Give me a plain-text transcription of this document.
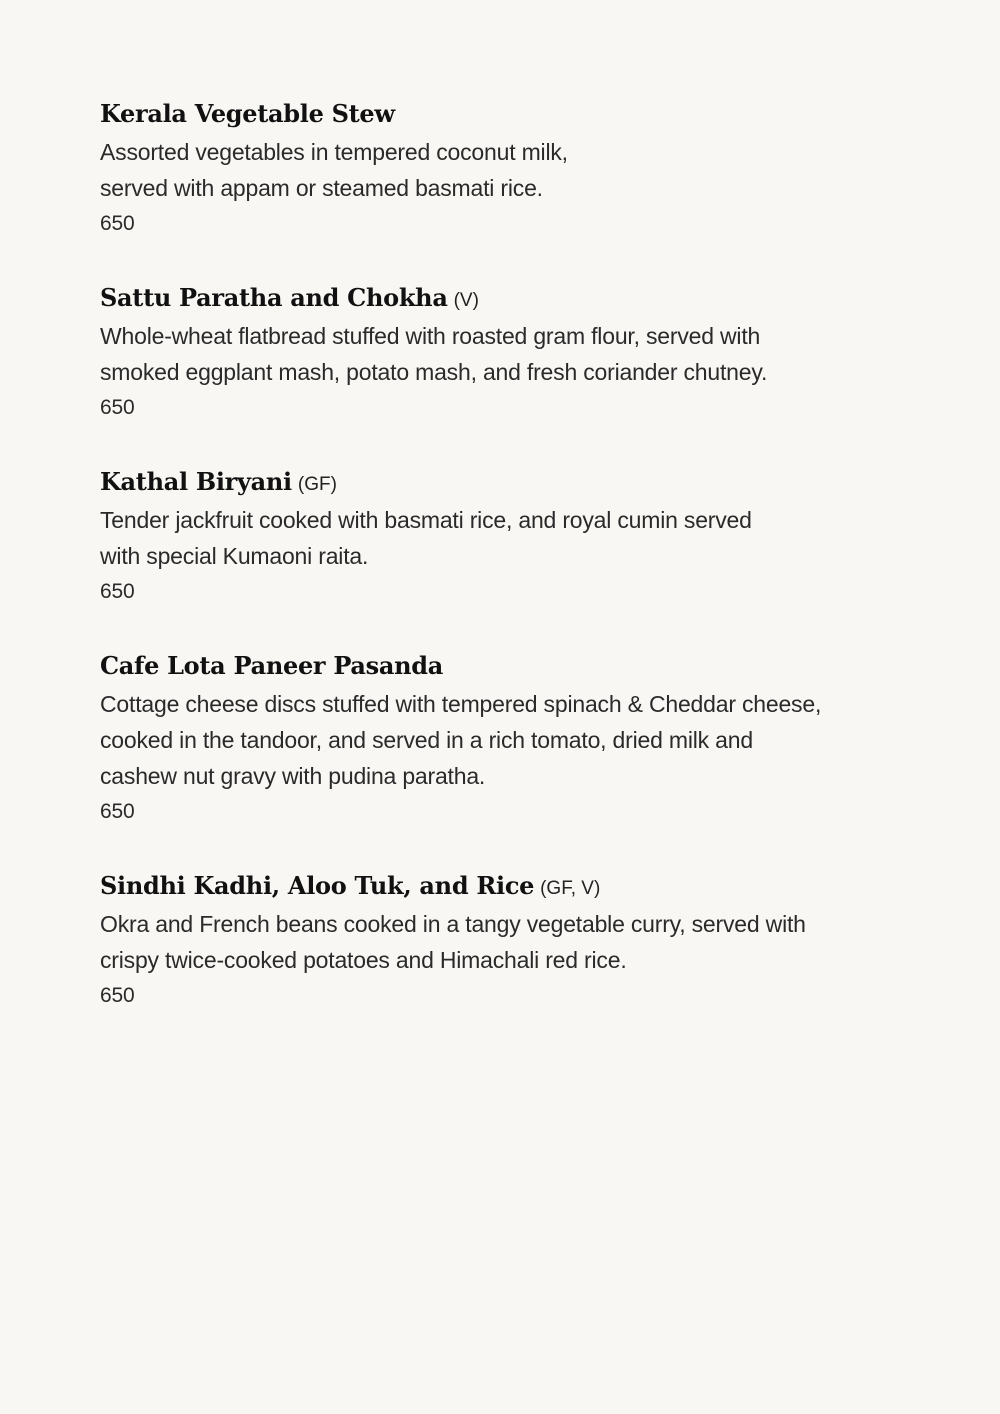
Kerala Vegetable Stew
Assorted vegetables in tempered coconut milk,
served with appam or steamed basmati rice.
650
Sattu Paratha and Chokha (V)
Whole-wheat flatbread stuffed with roasted gram flour, served with
smoked eggplant mash, potato mash, and fresh coriander chutney.
650
Kathal Biryani (GF)
Tender jackfruit cooked with basmati rice, and royal cumin served
with special Kumaoni raita.
650
Cafe Lota Paneer Pasanda
Cottage cheese discs stuffed with tempered spinach & Cheddar cheese,
cooked in the tandoor, and served in a rich tomato, dried milk and
cashew nut gravy with pudina paratha.
650
Sindhi Kadhi, Aloo Tuk, and Rice (GF, V)
Okra and French beans cooked in a tangy vegetable curry, served with
crispy twice-cooked potatoes and Himachali red rice.
650
